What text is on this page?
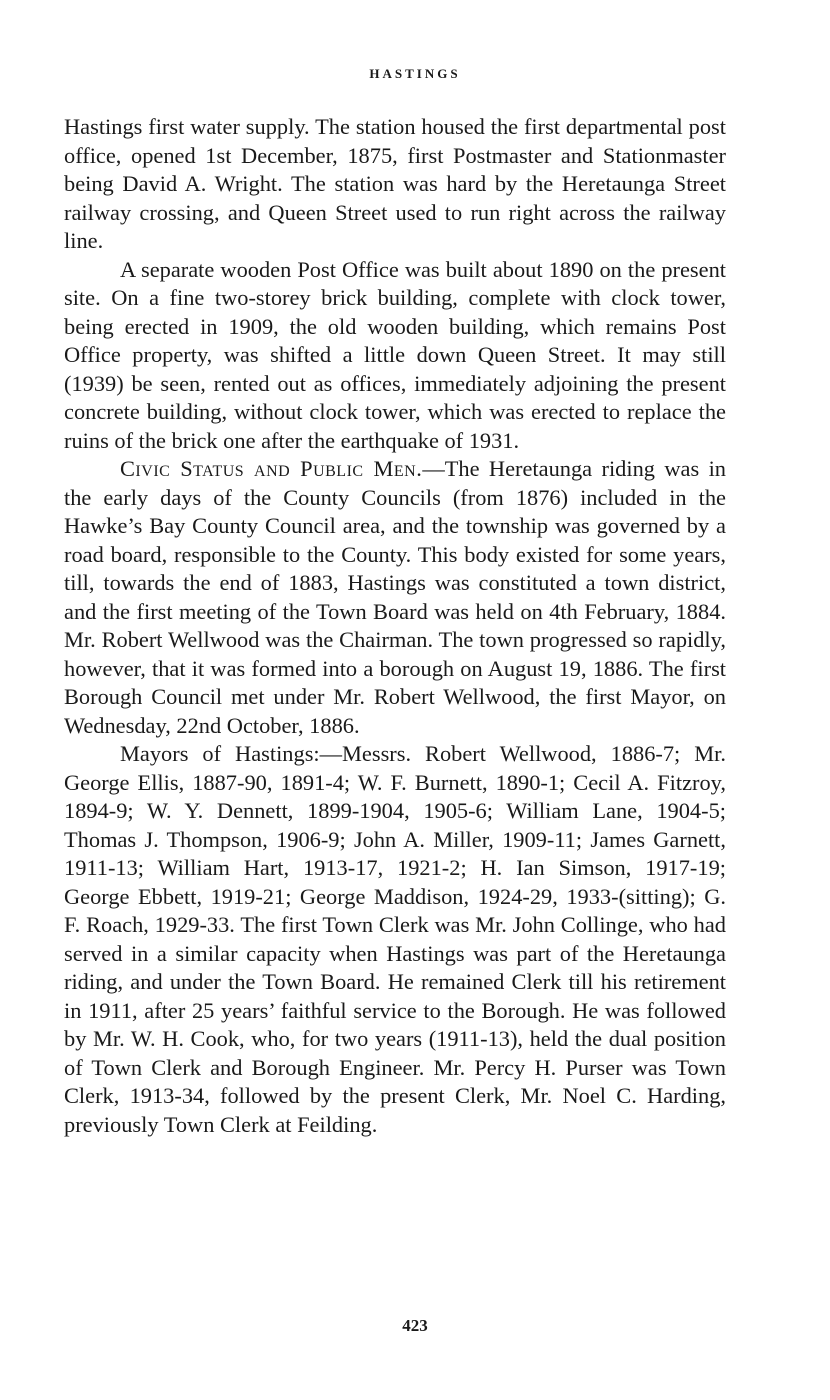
HASTINGS

Hastings first water supply. The station housed the first departmental post office, opened 1st December, 1875, first Postmaster and Stationmaster being David A. Wright. The station was hard by the Heretaunga Street railway crossing, and Queen Street used to run right across the railway line.

A separate wooden Post Office was built about 1890 on the present site. On a fine two-storey brick building, complete with clock tower, being erected in 1909, the old wooden building, which remains Post Office property, was shifted a little down Queen Street. It may still (1939) be seen, rented out as offices, immediately adjoining the present concrete building, without clock tower, which was erected to replace the ruins of the brick one after the earthquake of 1931.

Civic Status and Public Men.—The Heretaunga riding was in the early days of the County Councils (from 1876) included in the Hawke’s Bay County Council area, and the township was governed by a road board, responsible to the County. This body existed for some years, till, towards the end of 1883, Hastings was constituted a town district, and the first meeting of the Town Board was held on 4th February, 1884. Mr. Robert Wellwood was the Chairman. The town progressed so rapidly, however, that it was formed into a borough on August 19, 1886. The first Borough Council met under Mr. Robert Wellwood, the first Mayor, on Wednesday, 22nd October, 1886.

Mayors of Hastings:—Messrs. Robert Wellwood, 1886-7; Mr. George Ellis, 1887-90, 1891-4; W. F. Burnett, 1890-1; Cecil A. Fitzroy, 1894-9; W. Y. Dennett, 1899-1904, 1905-6; William Lane, 1904-5; Thomas J. Thompson, 1906-9; John A. Miller, 1909-11; James Garnett, 1911-13; William Hart, 1913-17, 1921-2; H. Ian Simson, 1917-19; George Ebbett, 1919-21; George Maddison, 1924-29, 1933-(sitting); G. F. Roach, 1929-33. The first Town Clerk was Mr. John Collinge, who had served in a similar capacity when Hastings was part of the Heretaunga riding, and under the Town Board. He remained Clerk till his retirement in 1911, after 25 years’ faithful service to the Borough. He was followed by Mr. W. H. Cook, who, for two years (1911-13), held the dual position of Town Clerk and Borough Engineer. Mr. Percy H. Purser was Town Clerk, 1913-34, followed by the present Clerk, Mr. Noel C. Harding, previously Town Clerk at Feilding.

423
